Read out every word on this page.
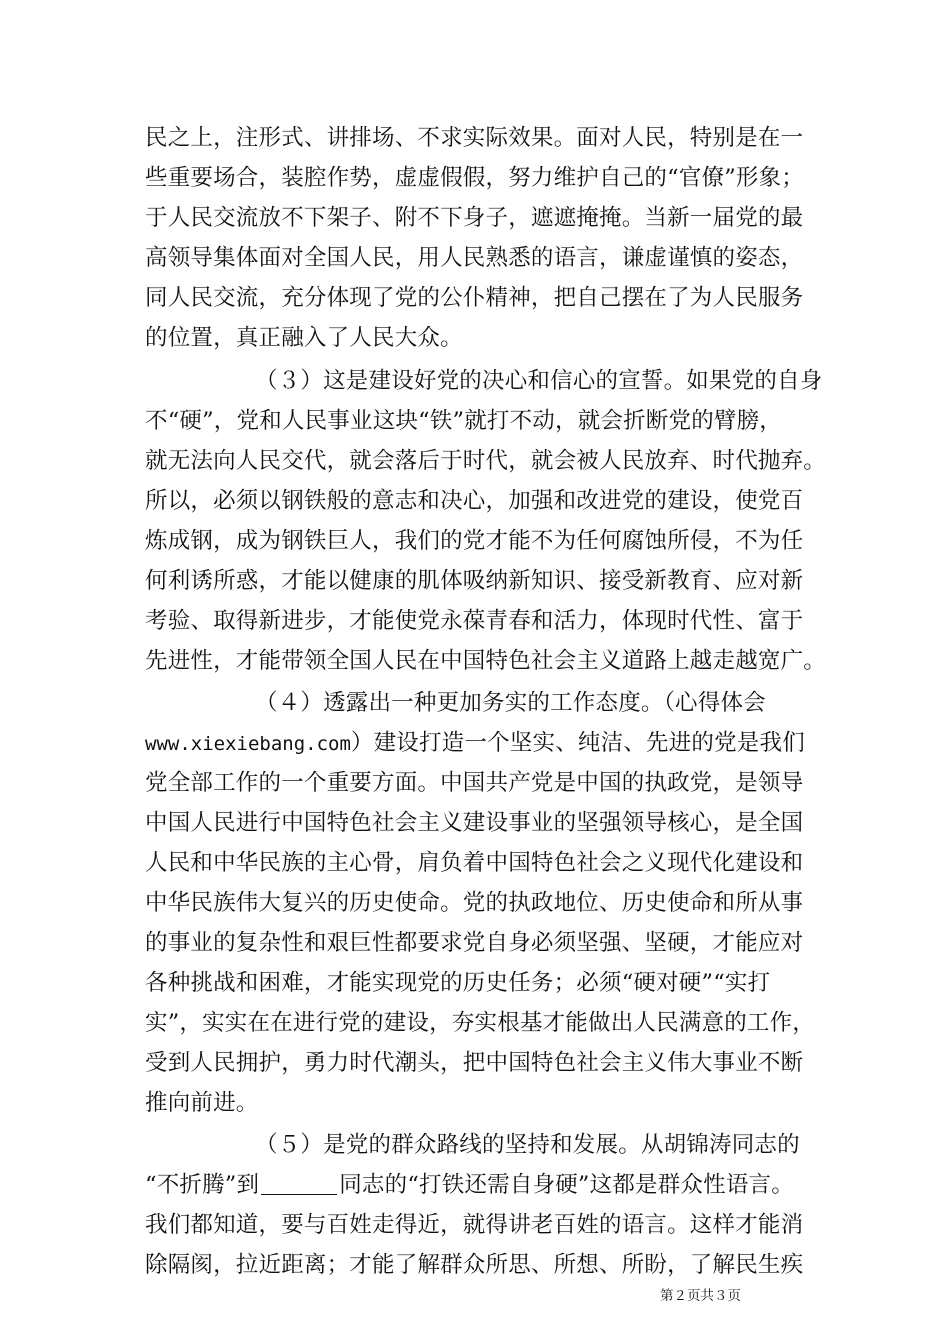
民之上，注形式、讲排场、不求实际效果。面对人民，特别是在一
些重要场合，装腔作势，虚虚假假，努力维护自己的“官僚”形象；
于人民交流放不下架子、附不下身子，遮遮掩掩。当新一届党的最
高领导集体面对全国人民，用人民熟悉的语言，谦虚谨慎的姿态，
同人民交流，充分体现了党的公仆精神，把自己摆在了为人民服务
的位置，真正融入了人民大众。
（３）这是建设好党的决心和信心的宣誓。如果党的自身
不“硬”，党和人民事业这块“铁”就打不动，就会折断党的臂膀，
就无法向人民交代，就会落后于时代，就会被人民放弃、时代抛弃。
所以，必须以钢铁般的意志和决心，加强和改进党的建设，使党百
炼成钢，成为钢铁巨人，我们的党才能不为任何腐蚀所侵，不为任
何利诱所惑，才能以健康的肌体吸纳新知识、接受新教育、应对新
考验、取得新进步，才能使党永葆青春和活力，体现时代性、富于
先进性，才能带领全国人民在中国特色社会主义道路上越走越宽广。
（４）透露出一种更加务实的工作态度。（心得体会
www.xiexiebang.com）建设打造一个坚实、纯洁、先进的党是我们
党全部工作的一个重要方面。中国共产党是中国的执政党，是领导
中国人民进行中国特色社会主义建设事业的坚强领导核心，是全国
人民和中华民族的主心骨，肩负着中国特色社会之义现代化建设和
中华民族伟大复兴的历史使命。党的执政地位、历史使命和所从事
的事业的复杂性和艰巨性都要求党自身必须坚强、坚硬，才能应对
各种挑战和困难，才能实现党的历史任务；必须“硬对硬”“实打
实”，实实在在进行党的建设，夯实根基才能做出人民满意的工作，
受到人民拥护，勇力时代潮头，把中国特色社会主义伟大事业不断
推向前进。
（５）是党的群众路线的坚持和发展。从胡锦涛同志的
“不折腾”到	同志的“打铁还需自身硬”这都是群众性语言。
我们都知道，要与百姓走得近，就得讲老百姓的语言。这样才能消
除隔阂，拉近距离；才能了解群众所思、所想、所盼，了解民生疾
第２页共３页
